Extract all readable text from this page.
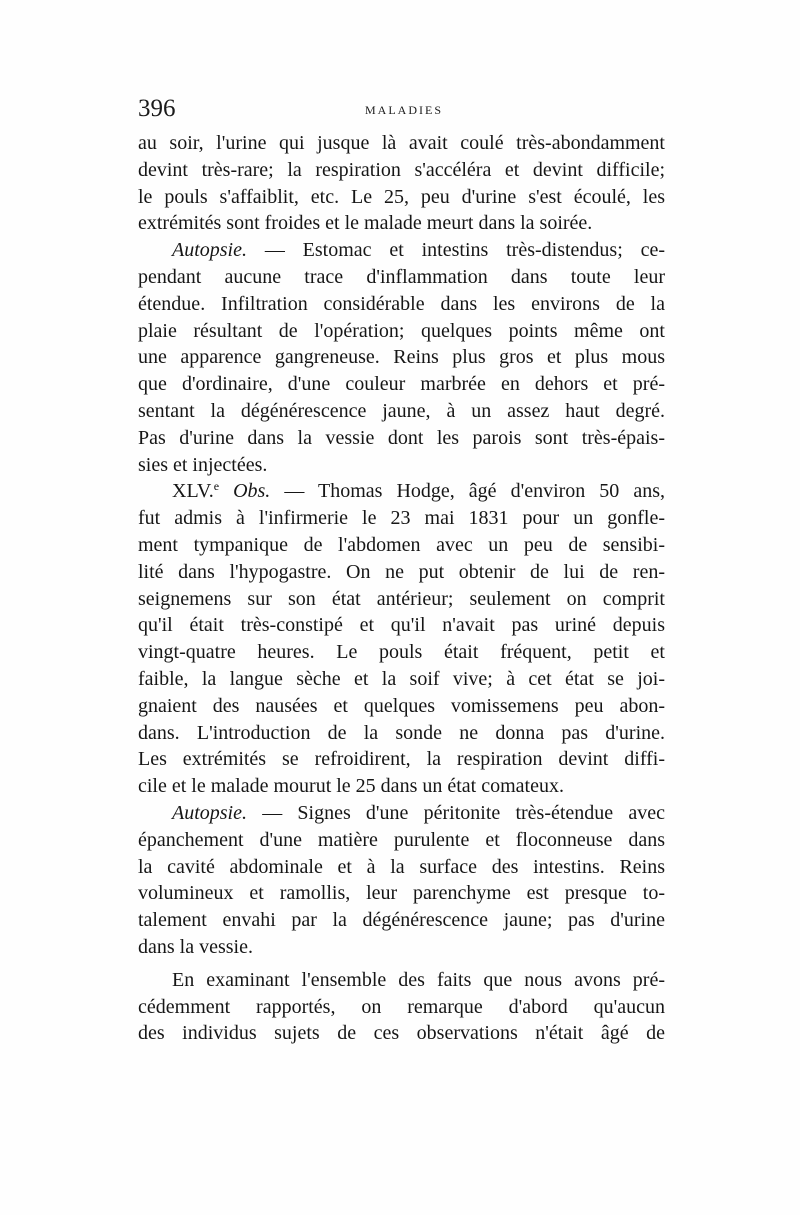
396	MALADIES
au soir, l'urine qui jusque là avait coulé très-abondamment
devint très-rare; la respiration s'accéléra et devint difficile;
le pouls s'affaiblit, etc. Le 25, peu d'urine s'est écoulé, les
extrémités sont froides et le malade meurt dans la soirée.
Autopsie. — Estomac et intestins très-distendus; ce-
pendant aucune trace d'inflammation dans toute leur
étendue. Infiltration considérable dans les environs de la
plaie résultant de l'opération; quelques points même ont
une apparence gangreneuse. Reins plus gros et plus mous
que d'ordinaire, d'une couleur marbrée en dehors et pré-
sentant la dégénérescence jaune, à un assez haut degré.
Pas d'urine dans la vessie dont les parois sont très-épais-
sies et injectées.
XLV.$^e$ Obs. — Thomas Hodge, âgé d'environ 50 ans,
fut admis à l'infirmerie le 23 mai 1831 pour un gonfle-
ment tympanique de l'abdomen avec un peu de sensibi-
lité dans l'hypogastre. On ne put obtenir de lui de ren-
seignemens sur son état antérieur; seulement on comprit
qu'il était très-constipé et qu'il n'avait pas uriné depuis
vingt-quatre heures. Le pouls était fréquent, petit et
faible, la langue sèche et la soif vive; à cet état se joi-
gnaient des nausées et quelques vomissemens peu abon-
dans. L'introduction de la sonde ne donna pas d'urine.
Les extrémités se refroidirent, la respiration devint diffi-
cile et le malade mourut le 25 dans un état comateux.
Autopsie. — Signes d'une péritonite très-étendue avec
épanchement d'une matière purulente et floconneuse dans
la cavité abdominale et à la surface des intestins. Reins
volumineux et ramollis, leur parenchyme est presque to-
talement envahi par la dégénérescence jaune; pas d'urine
dans la vessie.
En examinant l'ensemble des faits que nous avons pré-
cédemment rapportés, on remarque d'abord qu'aucun
des individus sujets de ces observations n'était âgé de
